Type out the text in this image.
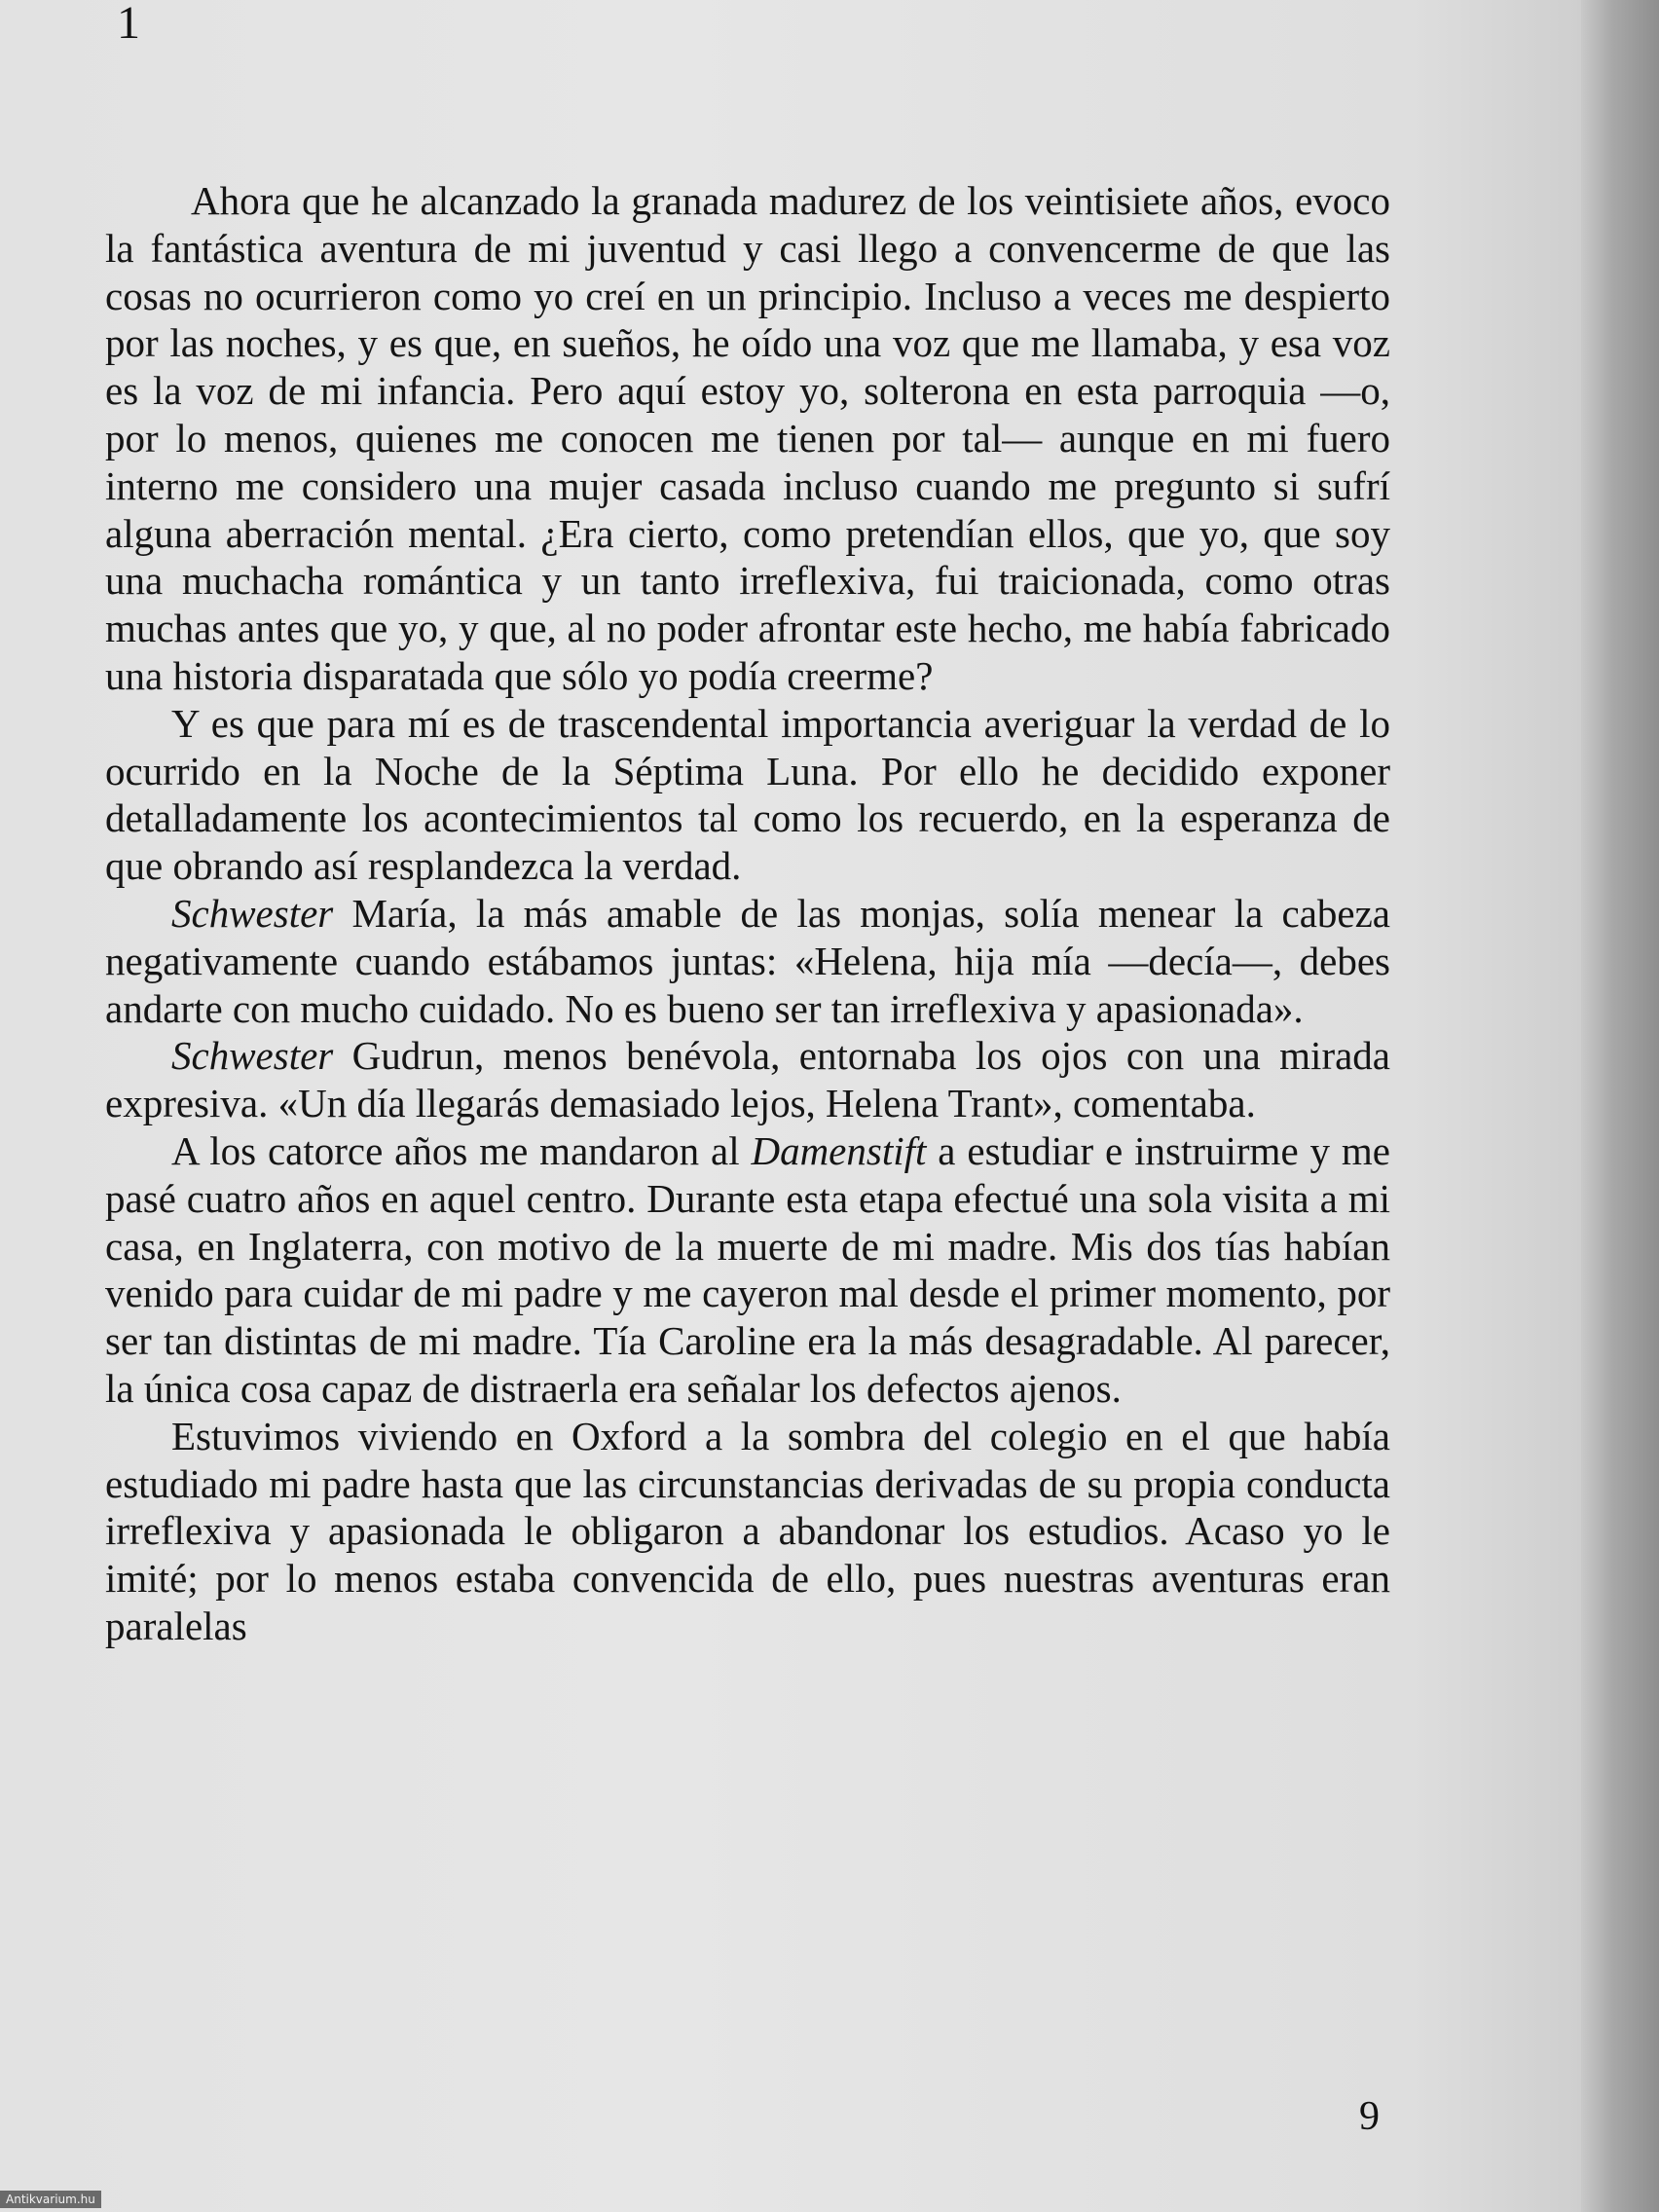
1

Ahora que he alcanzado la granada madurez de los veintisiete años, evoco la fantástica aventura de mi juventud y casi llego a convencerme de que las cosas no ocurrieron como yo creí en un principio. Incluso a veces me despierto por las noches, y es que, en sueños, he oído una voz que me llamaba, y esa voz es la voz de mi infancia. Pero aquí estoy yo, solterona en esta parroquia —o, por lo menos, quienes me conocen me tienen por tal— aunque en mi fuero interno me considero una mujer casada incluso cuando me pregunto si sufrí alguna aberración mental. ¿Era cierto, como pretendían ellos, que yo, que soy una muchacha romántica y un tanto irreflexiva, fui traicionada, como otras muchas antes que yo, y que, al no poder afrontar este hecho, me había fabricado una historia disparatada que sólo yo podía creerme?

Y es que para mí es de trascendental importancia averiguar la verdad de lo ocurrido en la Noche de la Séptima Luna. Por ello he decidido exponer detalladamente los acontecimientos tal como los recuerdo, en la esperanza de que obrando así resplandezca la verdad.

Schwester María, la más amable de las monjas, solía menear la cabeza negativamente cuando estábamos juntas: «Helena, hija mía —decía—, debes andarte con mucho cuidado. No es bueno ser tan irreflexiva y apasionada».

Schwester Gudrun, menos benévola, entornaba los ojos con una mirada expresiva. «Un día llegarás demasiado lejos, Helena Trant», comentaba.

A los catorce años me mandaron al Damenstift a estudiar e instruirme y me pasé cuatro años en aquel centro. Durante esta etapa efectué una sola visita a mi casa, en Inglaterra, con motivo de la muerte de mi madre. Mis dos tías habían venido para cuidar de mi padre y me cayeron mal desde el primer momento, por ser tan distintas de mi madre. Tía Caroline era la más desagradable. Al parecer, la única cosa capaz de distraerla era señalar los defectos ajenos.

Estuvimos viviendo en Oxford a la sombra del colegio en el que había estudiado mi padre hasta que las circunstancias derivadas de su propia conducta irreflexiva y apasionada le obligaron a abandonar los estudios. Acaso yo le imité; por lo menos estaba convencida de ello, pues nuestras aventuras eran paralelas

9
Antikvarium.hu
